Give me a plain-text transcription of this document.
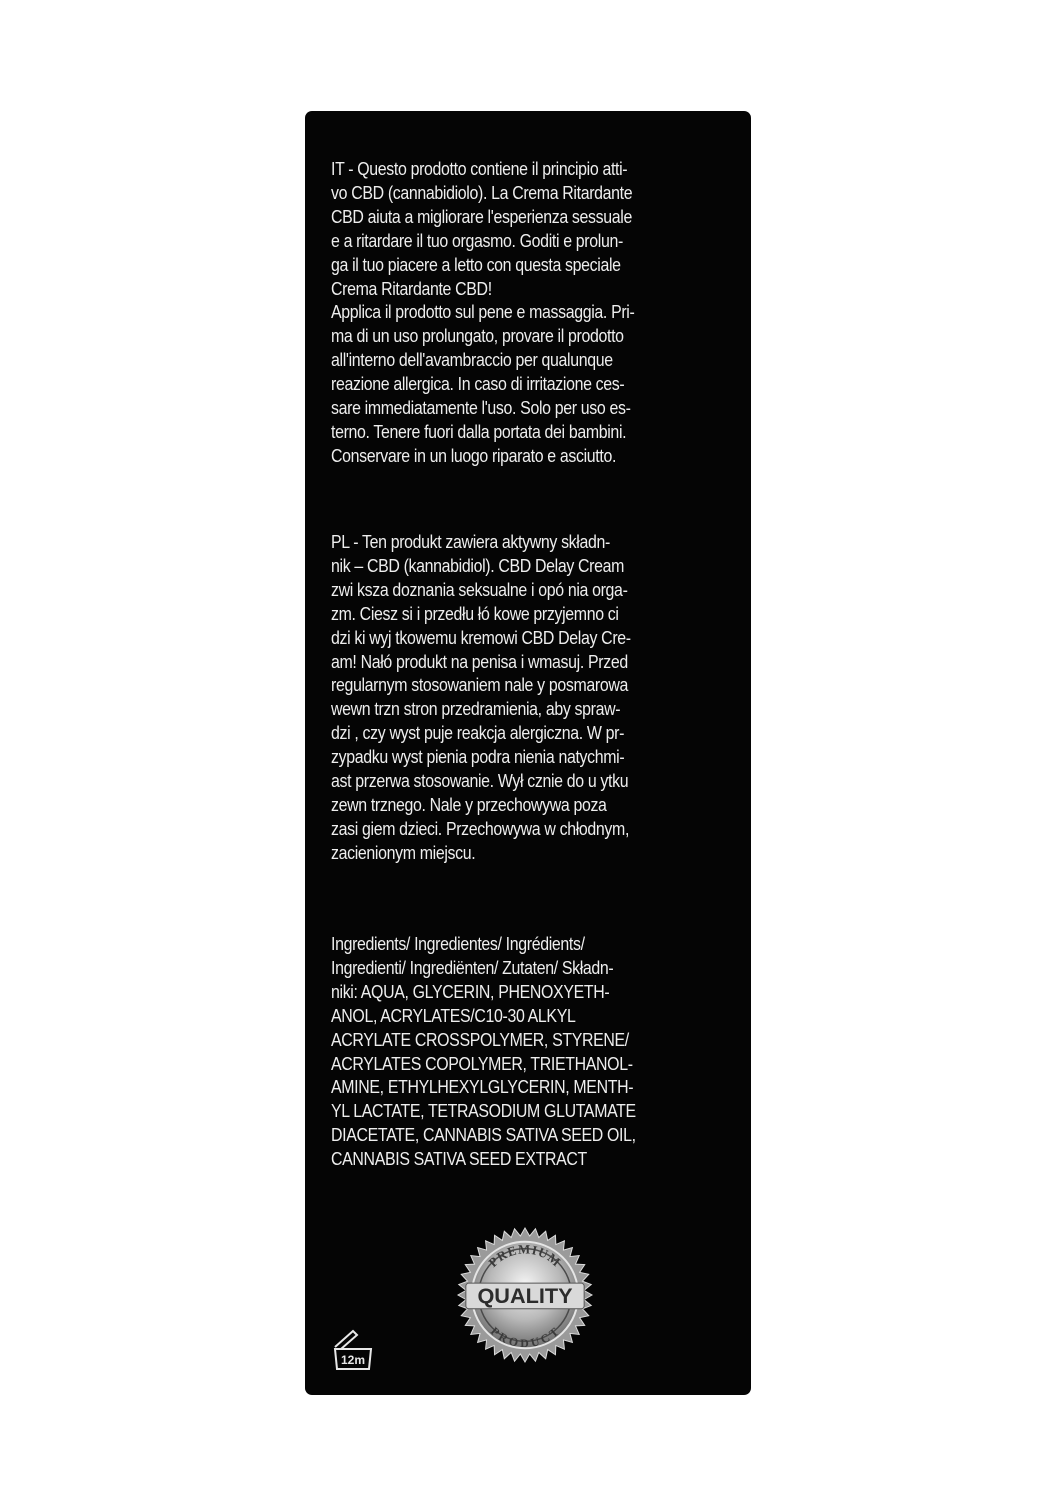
IT - Questo prodotto contiene il principio atti-
vo CBD (cannabidiolo). La Crema Ritardante
CBD aiuta a migliorare l'esperienza sessuale
e a ritardare il tuo orgasmo. Goditi e prolun-
ga il tuo piacere a letto con questa speciale
Crema Ritardante CBD!
Applica il prodotto sul pene e massaggia. Pri-
ma di un uso prolungato, provare il prodotto
all'interno dell'avambraccio per qualunque
reazione allergica. In caso di irritazione ces-
sare immediatamente l'uso. Solo per uso es-
terno. Tenere fuori dalla portata dei bambini.
Conservare in un luogo riparato e asciutto.
PL - Ten produkt zawiera aktywny składn-
nik – CBD (kannabidiol). CBD Delay Cream
zwi ksza doznania seksualne i opó nia orga-
zm. Ciesz si i przedłu łó kowe przyjemno ci
dzi ki wyj tkowemu kremowi CBD Delay Cre-
am! Nałó produkt na penisa i wmasuj. Przed
regularnym stosowaniem nale y posmarowa
wewn trzn stron przedramienia, aby spraw-
dzi , czy wyst puje reakcja alergiczna. W pr-
zypadku wyst pienia podra nienia natychmi-
ast przerwa stosowanie. Wył cznie do u ytku
zewn trznego. Nale y przechowywa poza
zasi giem dzieci. Przechowywa w chłodnym,
zacienionym miejscu.
Ingredients/ Ingredientes/ Ingrédients/
Ingredienti/ Ingrediënten/ Zutaten/ Składn-
niki: AQUA, GLYCERIN, PHENOXYETH-
ANOL, ACRYLATES/C10-30 ALKYL
ACRYLATE CROSSPOLYMER, STYRENE/
ACRYLATES COPOLYMER, TRIETHANOL-
AMINE, ETHYLHEXYLGLYCERIN, MENTH-
YL LACTATE, TETRASODIUM GLUTAMATE
DIACETATE, CANNABIS SATIVA SEED OIL,
CANNABIS SATIVA SEED EXTRACT
PREMIUM
PRODUCT
QUALITY
12m
